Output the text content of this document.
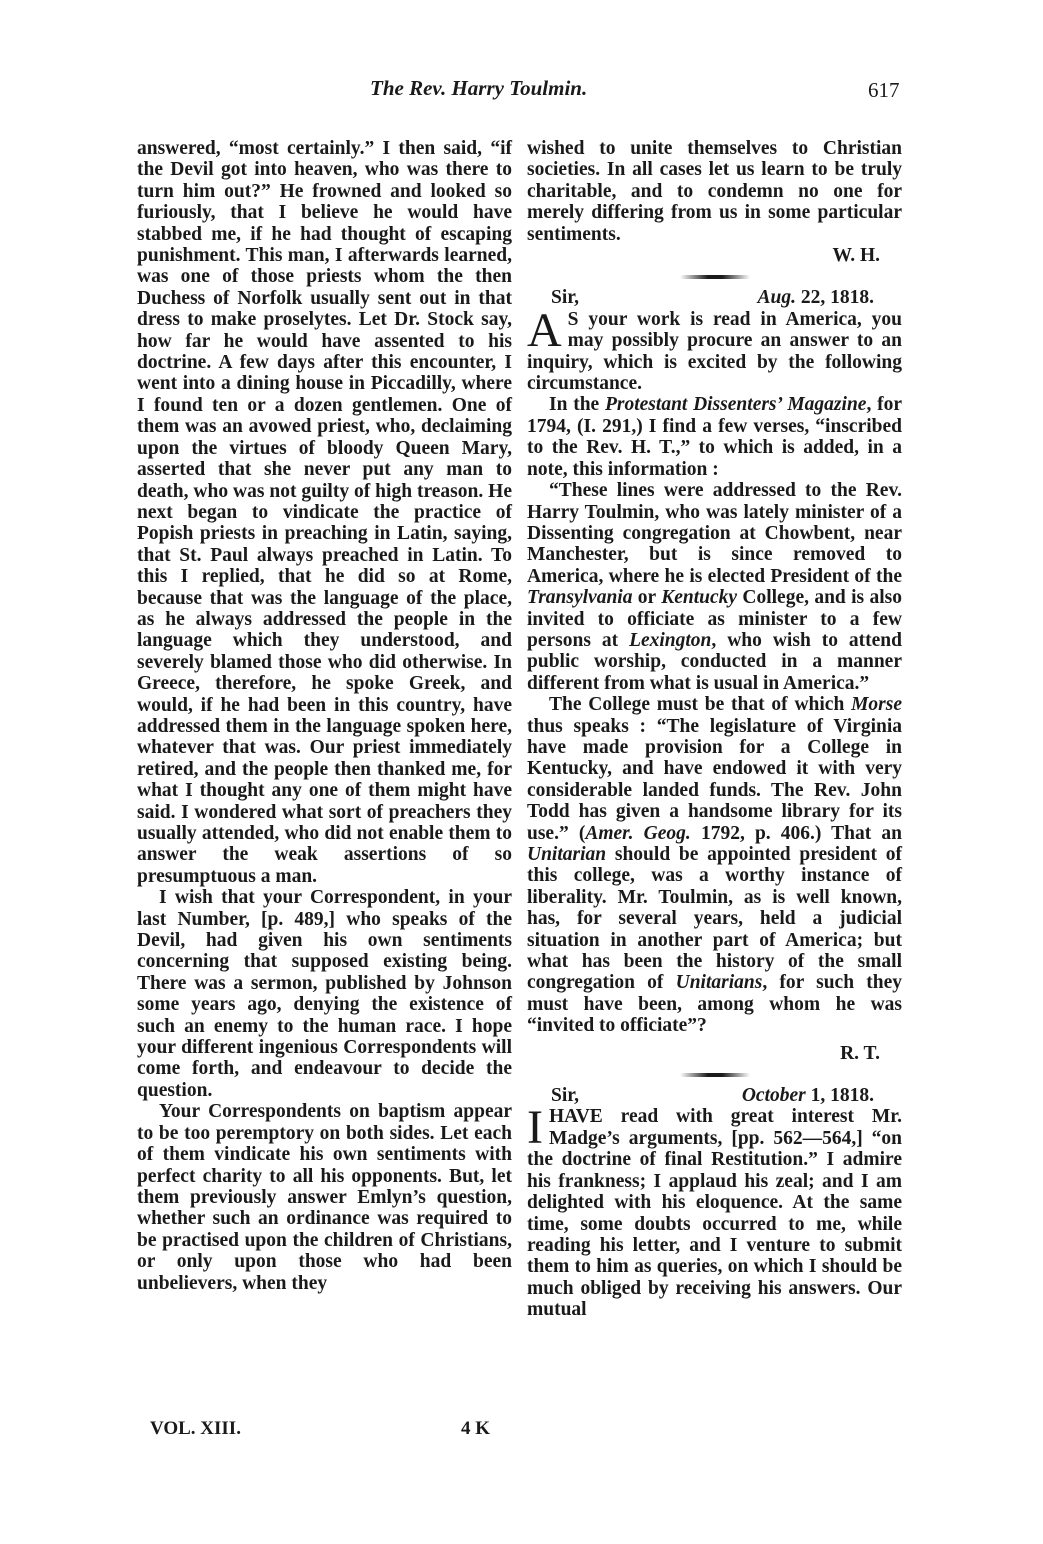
The Rev. Harry Toulmin.	617

answered, “most certainly.” I then said, “if the Devil got into heaven, who was there to turn him out?” He frowned and looked so furiously, that I believe he would have stabbed me, if he had thought of escaping punishment. This man, I afterwards learned, was one of those priests whom the then Duchess of Norfolk usually sent out in that dress to make proselytes. Let Dr. Stock say, how far he would have assented to his doctrine. A few days after this encounter, I went into a dining house in Piccadilly, where I found ten or a dozen gentlemen. One of them was an avowed priest, who, declaiming upon the virtues of bloody Queen Mary, asserted that she never put any man to death, who was not guilty of high treason. He next began to vindicate the practice of Popish priests in preaching in Latin, saying, that St. Paul always preached in Latin. To this I replied, that he did so at Rome, because that was the language of the place, as he always addressed the people in the language which they understood, and severely blamed those who did otherwise. In Greece, therefore, he spoke Greek, and would, if he had been in this country, have addressed them in the language spoken here, whatever that was. Our priest immediately retired, and the people then thanked me, for what I thought any one of them might have said. I wondered what sort of preachers they usually attended, who did not enable them to answer the weak assertions of so presumptuous a man.

I wish that your Correspondent, in your last Number, [p. 489,] who speaks of the Devil, had given his own sentiments concerning that supposed existing being. There was a sermon, published by Johnson some years ago, denying the existence of such an enemy to the human race. I hope your different ingenious Correspondents will come forth, and endeavour to decide the question.

Your Correspondents on baptism appear to be too peremptory on both sides. Let each of them vindicate his own sentiments with perfect charity to all his opponents. But, let them previously answer Emlyn’s question, whether such an ordinance was required to be practised upon the children of Christians, or only upon those who had been unbelievers, when they

wished to unite themselves to Christian societies. In all cases let us learn to be truly charitable, and to condemn no one for merely differing from us in some particular sentiments.

W. H.

Sir,	Aug. 22, 1818.

A S your work is read in America, you may possibly procure an answer to an inquiry, which is excited by the following circumstance.

In the Protestant Dissenters’ Magazine, for 1794, (I. 291,) I find a few verses, “inscribed to the Rev. H. T.,” to which is added, in a note, this information :

“These lines were addressed to the Rev. Harry Toulmin, who was lately minister of a Dissenting congregation at Chowbent, near Manchester, but is since removed to America, where he is elected President of the Transylvania or Kentucky College, and is also invited to officiate as minister to a few persons at Lexington, who wish to attend public worship, conducted in a manner different from what is usual in America.”

The College must be that of which Morse thus speaks : “The legislature of Virginia have made provision for a College in Kentucky, and have endowed it with very considerable landed funds. The Rev. John Todd has given a handsome library for its use.” (Amer. Geog. 1792, p. 406.) That an Unitarian should be appointed president of this college, was a worthy instance of liberality. Mr. Toulmin, as is well known, has, for several years, held a judicial situation in another part of America; but what has been the history of the small congregation of Unitarians, for such they must have been, among whom he was “invited to officiate”?

R. T.

Sir,	October 1, 1818.

IHAVE read with great interest Mr. Madge’s arguments, [pp. 562—564,] “on the doctrine of final Restitution.” I admire his frankness; I applaud his zeal; and I am delighted with his eloquence. At the same time, some doubts occurred to me, while reading his letter, and I venture to submit them to him as queries, on which I should be much obliged by receiving his answers. Our mutual

VOL. XIII.	4 K
